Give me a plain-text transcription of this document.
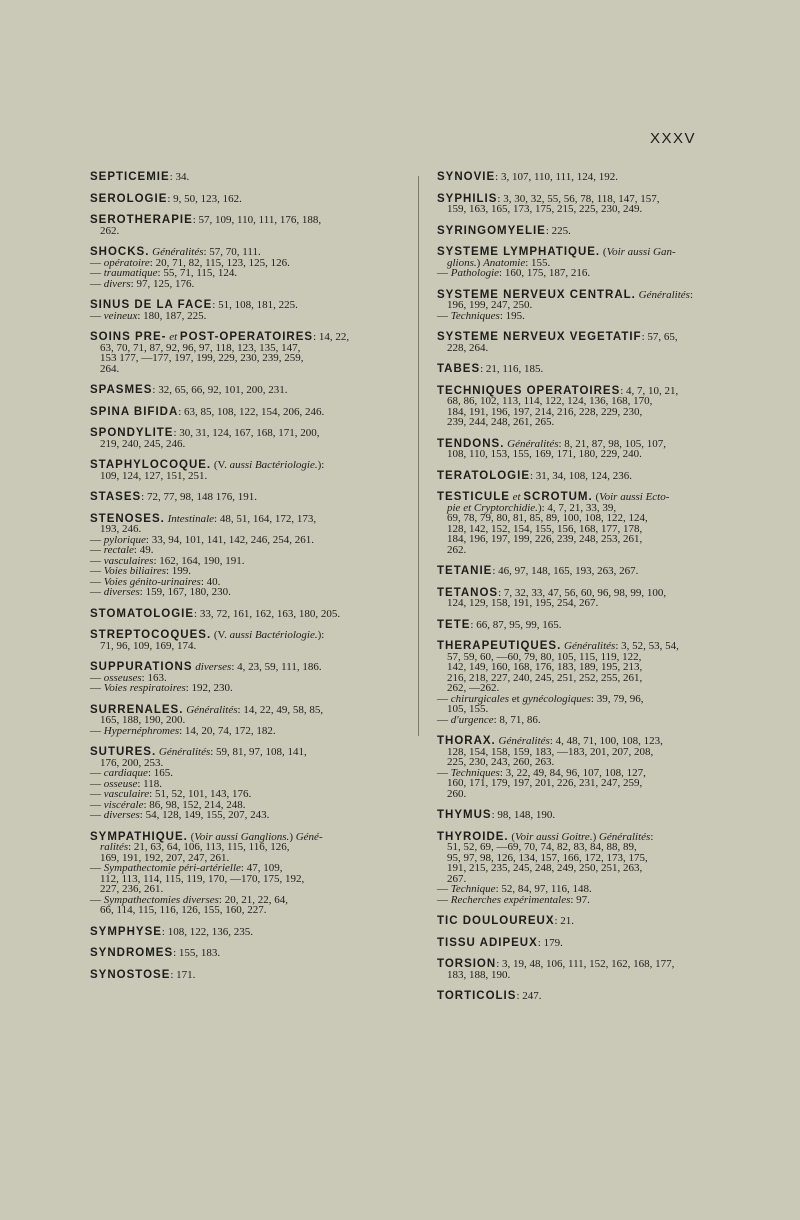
XXXV
SEPTICEMIE: 34.
SEROLOGIE: 9, 50, 123, 162.
SEROTHERAPIE: 57, 109, 110, 111, 176, 188,
262.
SHOCKS. Généralités: 57, 70, 111.
— opératoire: 20, 71, 82, 115, 123, 125, 126.
— traumatique: 55, 71, 115, 124.
— divers: 97, 125, 176.
SINUS DE LA FACE: 51, 108, 181, 225.
— veineux: 180, 187, 225.
SOINS PRE- et POST-OPERATOIRES: 14, 22,
63, 70, 71, 87, 92, 96, 97, 118, 123, 135, 147,
153 177, —177, 197, 199, 229, 230, 239, 259,
264.
SPASMES: 32, 65, 66, 92, 101, 200, 231.
SPINA BIFIDA: 63, 85, 108, 122, 154, 206, 246.
SPONDYLITE: 30, 31, 124, 167, 168, 171, 200,
219, 240, 245, 246.
STAPHYLOCOQUE. (V. aussi Bactériologie.):
109, 124, 127, 151, 251.
STASES: 72, 77, 98, 148 176, 191.
STENOSES. Intestinale: 48, 51, 164, 172, 173,
193, 246.
— pylorique: 33, 94, 101, 141, 142, 246, 254, 261.
— rectale: 49.
— vasculaires: 162, 164, 190, 191.
— Voies biliaires: 199.
— Voies génito-urinaires: 40.
— diverses: 159, 167, 180, 230.
STOMATOLOGIE: 33, 72, 161, 162, 163, 180, 205.
STREPTOCOQUES. (V. aussi Bactériologie.):
71, 96, 109, 169, 174.
SUPPURATIONS diverses: 4, 23, 59, 111, 186.
— osseuses: 163.
— Voies respiratoires: 192, 230.
SURRENALES. Généralités: 14, 22, 49, 58, 85,
165, 188, 190, 200.
— Hypernéphromes: 14, 20, 74, 172, 182.
SUTURES. Généralités: 59, 81, 97, 108, 141,
176, 200, 253.
— cardiaque: 165.
— osseuse: 118.
— vasculaire: 51, 52, 101, 143, 176.
— viscérale: 86, 98, 152, 214, 248.
— diverses: 54, 128, 149, 155, 207, 243.
SYMPATHIQUE. (Voir aussi Ganglions.) Géné-
ralités: 21, 63, 64, 106, 113, 115, 116, 126,
169, 191, 192, 207, 247, 261.
— Sympathectomie péri-artérielle: 47, 109,
112, 113, 114, 115, 119, 170, —170, 175, 192,
227, 236, 261.
— Sympathectomies diverses: 20, 21, 22, 64,
66, 114, 115, 116, 126, 155, 160, 227.
SYMPHYSE: 108, 122, 136, 235.
SYNDROMES: 155, 183.
SYNOSTOSE: 171.
SYNOVIE: 3, 107, 110, 111, 124, 192.
SYPHILIS: 3, 30, 32, 55, 56, 78, 118, 147, 157,
159, 163, 165, 173, 175, 215, 225, 230, 249.
SYRINGOMYELIE: 225.
SYSTEME LYMPHATIQUE. (Voir aussi Gan-
glions.) Anatomie: 155.
— Pathologie: 160, 175, 187, 216.
SYSTEME NERVEUX CENTRAL. Généralités:
196, 199, 247, 250.
— Techniques: 195.
SYSTEME NERVEUX VEGETATIF: 57, 65,
228, 264.
TABES: 21, 116, 185.
TECHNIQUES OPERATOIRES: 4, 7, 10, 21,
68, 86, 102, 113, 114, 122, 124, 136, 168, 170,
184, 191, 196, 197, 214, 216, 228, 229, 230,
239, 244, 248, 261, 265.
TENDONS. Généralités: 8, 21, 87, 98, 105, 107,
108, 110, 153, 155, 169, 171, 180, 229, 240.
TERATOLOGIE: 31, 34, 108, 124, 236.
TESTICULE et SCROTUM. (Voir aussi Ecto-
pie et Cryptorchidie.): 4, 7, 21, 33, 39,
69, 78, 79, 80, 81, 85, 89, 100, 108, 122, 124,
128, 142, 152, 154, 155, 156, 168, 177, 178,
184, 196, 197, 199, 226, 239, 248, 253, 261,
262.
TETANIE: 46, 97, 148, 165, 193, 263, 267.
TETANOS: 7, 32, 33, 47, 56, 60, 96, 98, 99, 100,
124, 129, 158, 191, 195, 254, 267.
TETE: 66, 87, 95, 99, 165.
THERAPEUTIQUES. Généralités: 3, 52, 53, 54,
57, 59, 60, —60, 79, 80, 105, 115, 119, 122,
142, 149, 160, 168, 176, 183, 189, 195, 213,
216, 218, 227, 240, 245, 251, 252, 255, 261,
262, —262.
— chirurgicales et gynécologiques: 39, 79, 96,
105, 155.
— d'urgence: 8, 71, 86.
THORAX. Généralités: 4, 48, 71, 100, 108, 123,
128, 154, 158, 159, 183, —183, 201, 207, 208,
225, 230, 243, 260, 263.
— Techniques: 3, 22, 49, 84, 96, 107, 108, 127,
160, 171, 179, 197, 201, 226, 231, 247, 259,
260.
THYMUS: 98, 148, 190.
THYROIDE. (Voir aussi Goitre.) Généralités:
51, 52, 69, —69, 70, 74, 82, 83, 84, 88, 89,
95, 97, 98, 126, 134, 157, 166, 172, 173, 175,
191, 215, 235, 245, 248, 249, 250, 251, 263,
267.
— Technique: 52, 84, 97, 116, 148.
— Recherches expérimentales: 97.
TIC DOULOUREUX: 21.
TISSU ADIPEUX: 179.
TORSION: 3, 19, 48, 106, 111, 152, 162, 168, 177,
183, 188, 190.
TORTICOLIS: 247.
